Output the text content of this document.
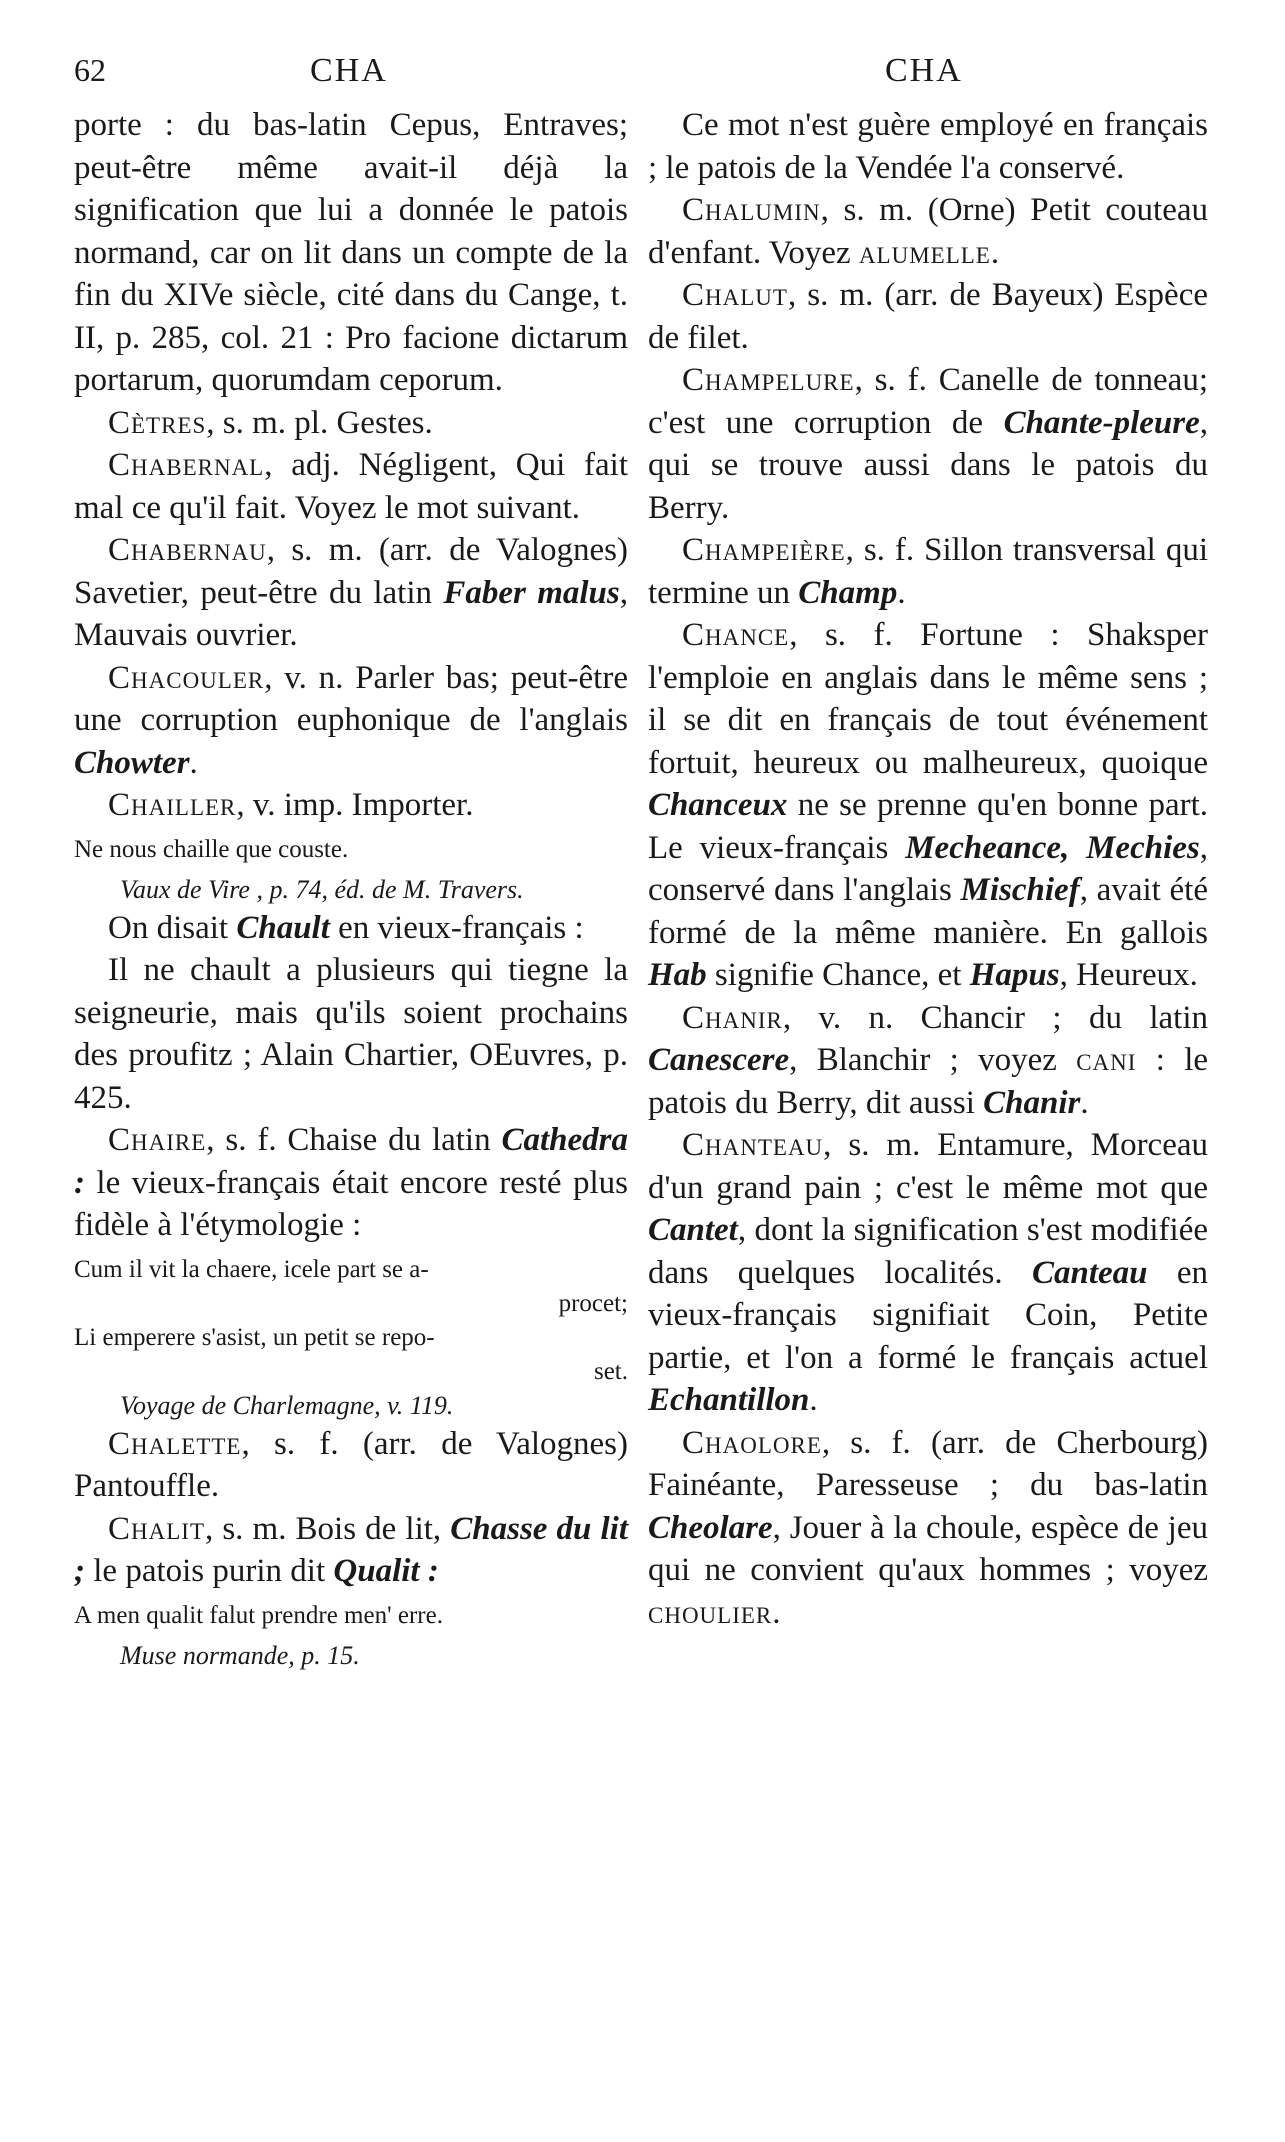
62	CHA	CHA

porte : du bas-latin Cepus, Entraves; peut-être même avait-il déjà la signification que lui a donnée le patois normand, car on lit dans un compte de la fin du XIVe siècle, cité dans du Cange, t. II, p. 285, col. 21 : Pro facione dictarum portarum, quorumdam ceporum.

Cètres, s. m. pl. Gestes.

Chabernal, adj. Négligent, Qui fait mal ce qu'il fait. Voyez le mot suivant.

Chabernau, s. m. (arr. de Valognes) Savetier, peut-être du latin Faber malus, Mauvais ouvrier.

Chacouler, v. n. Parler bas; peut-être une corruption euphonique de l'anglais Chowter.

Chailler, v. imp. Importer.

Ne nous chaille que couste.

Vaux de Vire , p. 74, éd. de M. Travers.

On disait Chault en vieux-français :

Il ne chault a plusieurs qui tiegne la seigneurie, mais qu'ils soient prochains des proufitz ; Alain Chartier, OEuvres, p. 425.

Chaire, s. f. Chaise du latin Cathedra : le vieux-français était encore resté plus fidèle à l'étymologie :

Cum il vit la chaere, icele part se a-

procet;

Li emperere s'asist, un petit se repo-

set.

Voyage de Charlemagne, v. 119.

Chalette, s. f. (arr. de Valognes) Pantouffle.

Chalit, s. m. Bois de lit, Chasse du lit ; le patois purin dit Qualit :

A men qualit falut prendre men' erre.

Muse normande, p. 15.

Ce mot n'est guère employé en français ; le patois de la Vendée l'a conservé.

Chalumin, s. m. (Orne) Petit couteau d'enfant. Voyez alumelle.

Chalut, s. m. (arr. de Bayeux) Espèce de filet.

Champelure, s. f. Canelle de tonneau; c'est une corruption de Chante-pleure, qui se trouve aussi dans le patois du Berry.

Champeière, s. f. Sillon transversal qui termine un Champ.

Chance, s. f. Fortune : Shaksper l'emploie en anglais dans le même sens ; il se dit en français de tout événement fortuit, heureux ou malheureux, quoique Chanceux ne se prenne qu'en bonne part. Le vieux-français Mecheance, Mechies, conservé dans l'anglais Mischief, avait été formé de la même manière. En gallois Hab signifie Chance, et Hapus, Heureux.

Chanir, v. n. Chancir ; du latin Canescere, Blanchir ; voyez cani : le patois du Berry, dit aussi Chanir.

Chanteau, s. m. Entamure, Morceau d'un grand pain ; c'est le même mot que Cantet, dont la signification s'est modifiée dans quelques localités. Canteau en vieux-français signifiait Coin, Petite partie, et l'on a formé le français actuel Echantillon.

Chaolore, s. f. (arr. de Cherbourg) Fainéante, Paresseuse ; du bas-latin Cheolare, Jouer à la choule, espèce de jeu qui ne convient qu'aux hommes ; voyez choulier.
